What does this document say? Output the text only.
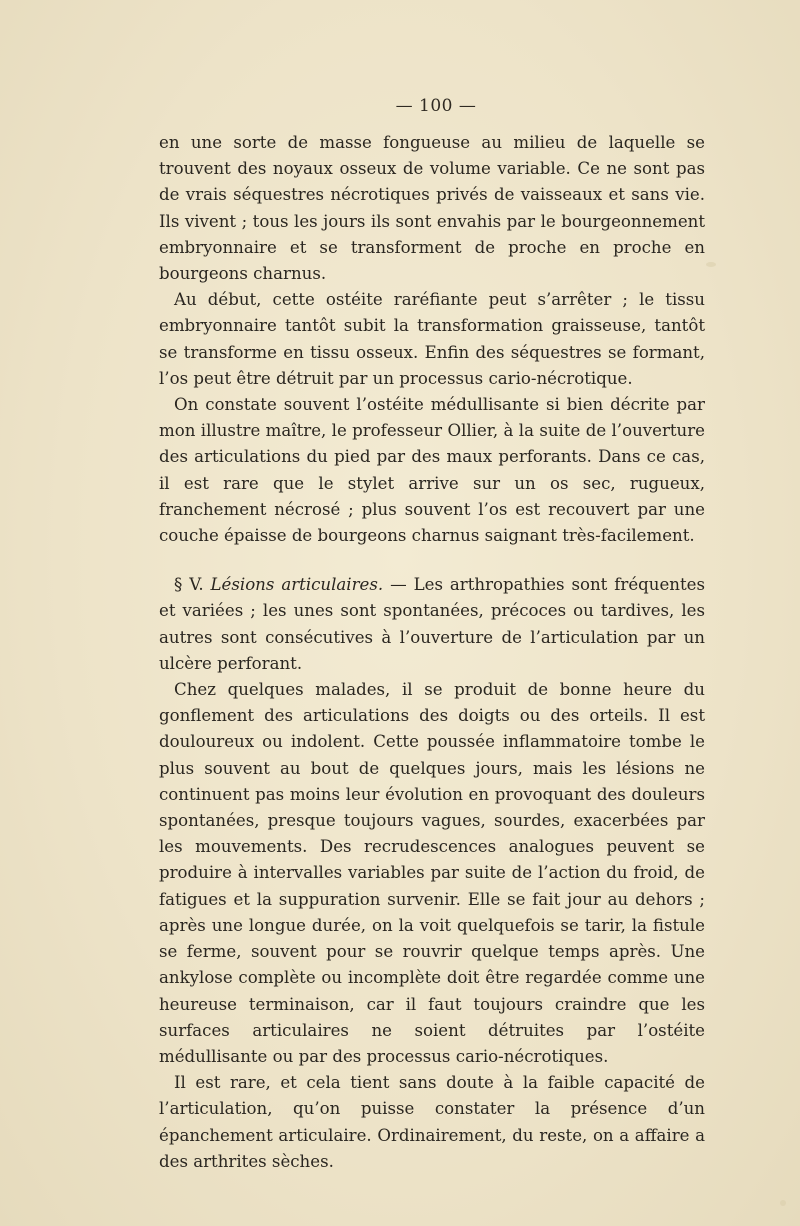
— 100 —

en une sorte de masse fongueuse au milieu de laquelle se trouvent des noyaux osseux de volume variable. Ce ne sont pas de vrais séquestres nécrotiques privés de vaisseaux et sans vie. Ils vivent ; tous les jours ils sont envahis par le bourgeonnement embryonnaire et se transforment de proche en proche en bourgeons charnus.

Au début, cette ostéite raréfiante peut s’arrêter ; le tissu embryonnaire tantôt subit la transformation graisseuse, tantôt se transforme en tissu osseux. Enfin des séquestres se formant, l’os peut être détruit par un processus cario-nécrotique.

On constate souvent l’ostéite médullisante si bien décrite par mon illustre maître, le professeur Ollier, à la suite de l’ouverture des articulations du pied par des maux perforants. Dans ce cas, il est rare que le stylet arrive sur un os sec, rugueux, franchement nécrosé ; plus souvent l’os est recouvert par une couche épaisse de bourgeons charnus saignant très-facilement.

§ V. Lésions articulaires. — Les arthropathies sont fréquentes et variées ; les unes sont spontanées, précoces ou tardives, les autres sont consécutives à l’ouverture de l’articulation par un ulcère perforant.

Chez quelques malades, il se produit de bonne heure du gonflement des articulations des doigts ou des orteils. Il est douloureux ou indolent. Cette poussée inflammatoire tombe le plus souvent au bout de quelques jours, mais les lésions ne continuent pas moins leur évolution en provoquant des douleurs spontanées, presque toujours vagues, sourdes, exacerbées par les mouvements. Des recrudescences analogues peuvent se produire à intervalles variables par suite de l’action du froid, de fatigues et la suppuration survenir. Elle se fait jour au dehors ; après une longue durée, on la voit quelquefois se tarir, la fistule se ferme, souvent pour se rouvrir quelque temps après. Une ankylose complète ou incomplète doit être regardée comme une heureuse terminaison, car il faut toujours craindre que les surfaces articulaires ne soient détruites par l’ostéite médullisante ou par des processus cario-nécrotiques.

Il est rare, et cela tient sans doute à la faible capacité de l’articulation, qu’on puisse constater la présence d’un épanchement articulaire. Ordinairement, du reste, on a affaire a des arthrites sèches.
